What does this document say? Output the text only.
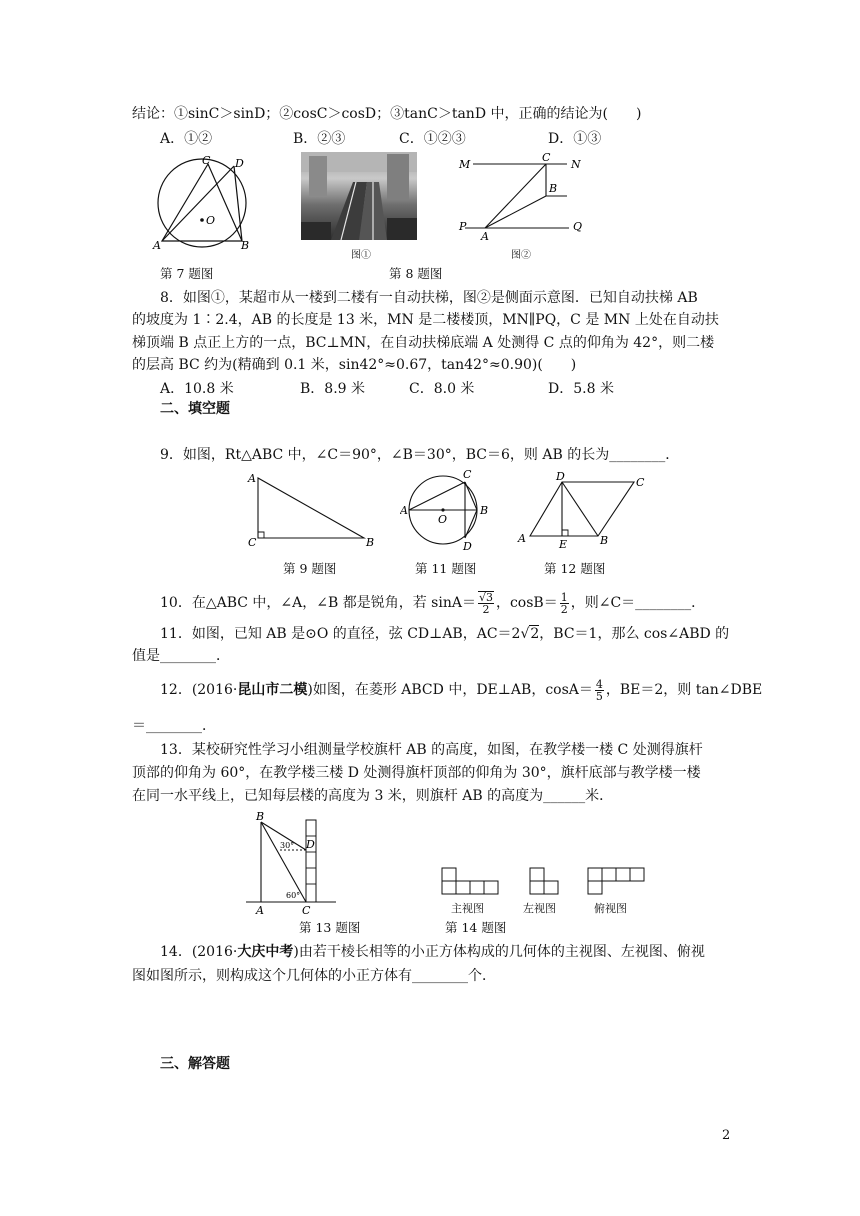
结论：①sinC＞sinD；②cosC＞cosD；③tanC＞tanD 中，正确的结论为(　　)
A．①②	B．②③	C．①②③	D．①③
C D
O
A	B
第 7 题图
图①
第 8 题图
M
C
N
B
P
A
Q
图②
8．如图①，某超市从一楼到二楼有一自动扶梯，图②是侧面示意图．已知自动扶梯 AB
的坡度为 1∶2.4，AB 的长度是 13 米，MN 是二楼楼顶，MN∥PQ，C 是 MN 上处在自动扶
梯顶端 B 点正上方的一点，BC⊥MN，在自动扶梯底端 A 处测得 C 点的仰角为 42°，则二楼
的层高 BC 约为(精确到 0.1 米，sin42°≈0.67，tan42°≈0.90)(　　)
A．10.8 米	B．8.9 米	C．8.0 米	D．5.8 米
二、填空题
9．如图，Rt△ABC 中，∠C＝90°，∠B＝30°，BC＝6，则 AB 的长为________．
A
C	B
第 9 题图
C
A
O
B
D
第 11 题图
D	C
A	E	B
第 12 题图
10．在△ABC 中，∠A，∠B 都是锐角，若 $\sin A= \frac{√3}{2}$ ，$\cos B= \frac{1}{2}$ ，则∠C＝________．
11．如图，已知 AB 是⊙O 的直径，弦 CD⊥AB，AC＝2√2，BC＝1，那么 cos∠ABD 的
值是________．
12．(2016·昆山市二模)如图，在菱形 ABCD 中，DE⊥AB，$\cos A= \frac{4}{5}$ ，BE＝2，则 tan∠DBE
＝________．
13．某校研究性学习小组测量学校旗杆 AB 的高度，如图，在教学楼一楼 C 处测得旗杆
顶部的仰角为 60°，在教学楼三楼 D 处测得旗杆顶部的仰角为 30°，旗杆底部与教学楼一楼
在同一水平线上，已知每层楼的高度为 3 米，则旗杆 AB 的高度为______米．
B
D
A	C
30°
60°
第 13 题图
主视图	左视图	俯视图
第 14 题图
14．(2016·大庆中考)由若干棱长相等的小正方体构成的几何体的主视图、左视图、俯视
图如图所示，则构成这个几何体的小正方体有________个．
三、解答题
2
